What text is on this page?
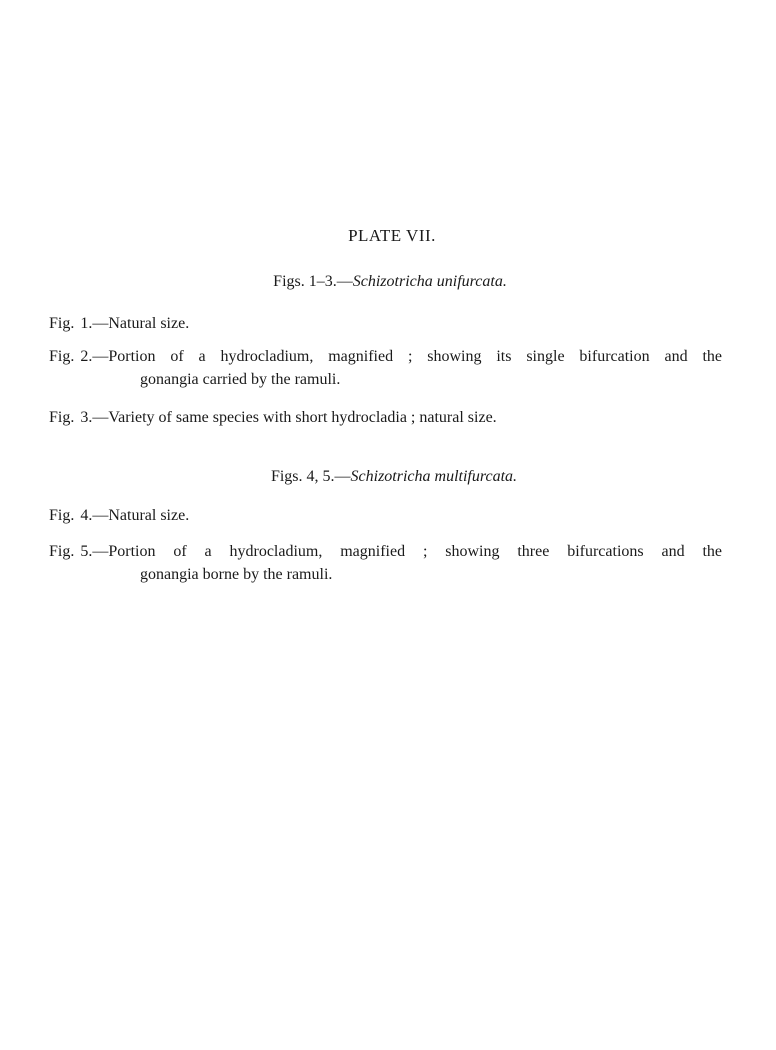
PLATE VII.
Figs. 1–3.—Schizotricha unifurcata.
Fig. 1.—Natural size.
Fig. 2.—Portion of a hydrocladium, magnified ; showing its single bifurcation and the
gonangia carried by the ramuli.
Fig. 3.—Variety of same species with short hydrocladia ; natural size.
Figs. 4, 5.—Schizotricha multifurcata.
Fig. 4.—Natural size.
Fig. 5.—Portion of a hydrocladium, magnified ; showing three bifurcations and the
gonangia borne by the ramuli.
